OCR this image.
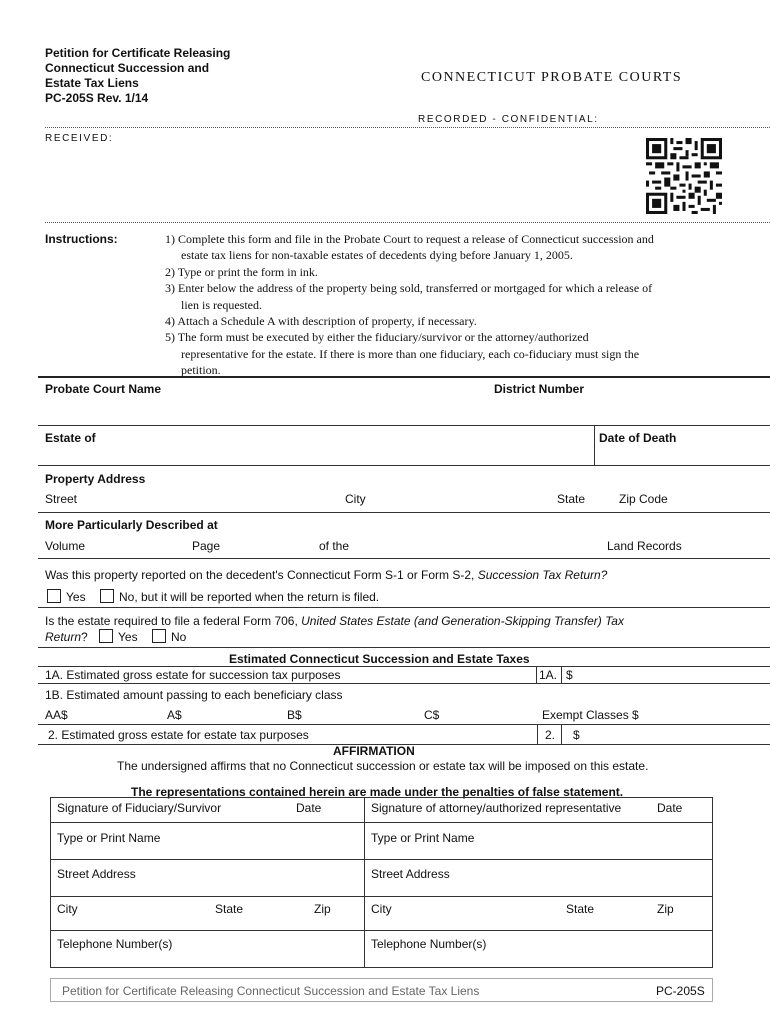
Petition for Certificate Releasing
Connecticut Succession and
Estate Tax Liens
PC-205S Rev. 1/14
CONNECTICUT PROBATE COURTS
RECORDED - CONFIDENTIAL:
RECEIVED:
Instructions:	1) Complete this form and file in the Probate Court to request a release of Connecticut succession and

estate tax liens for non-taxable estates of decedents dying before January 1, 2005.

2) Type or print the form in ink.

3) Enter below the address of the property being sold, transferred or mortgaged for which a release of

lien is requested.

4) Attach a Schedule A with description of property, if necessary.

5) The form must be executed by either the fiduciary/survivor or the attorney/authorized

representative for the estate. If there is more than one fiduciary, each co-fiduciary must sign the

petition.

Probate Court Name	District Number
Estate of	Date of Death
Property Address
Street	City	State	Zip Code
More Particularly Described at
Volume	Page	of the	Land Records
Was this property reported on the decedent's Connecticut Form S-1 or Form S-2, Succession Tax Return?
Yes	No, but it will be reported when the return is filed.
Is the estate required to file a federal Form 706, United States Estate (and Generation-Skipping Transfer) Tax
Return?	Yes	No
Estimated Connecticut Succession and Estate Taxes
1A. Estimated gross estate for succession tax purposes	1A. $
1B. Estimated amount passing to each beneficiary class
AA$	A$	B$	C$	Exempt Classes $
2. Estimated gross estate for estate tax purposes	2. $
AFFIRMATION
The undersigned affirms that no Connecticut succession or estate tax will be imposed on this estate.
The representations contained herein are made under the penalties of false statement.
Signature of Fiduciary/Survivor	Date	Signature of attorney/authorized representative	Date
Type or Print Name	Type or Print Name
Street Address	Street Address
City	State	Zip	City	State	Zip
Telephone Number(s)	Telephone Number(s)
Petition for Certificate Releasing Connecticut Succession and Estate Tax Liens	PC-205S
